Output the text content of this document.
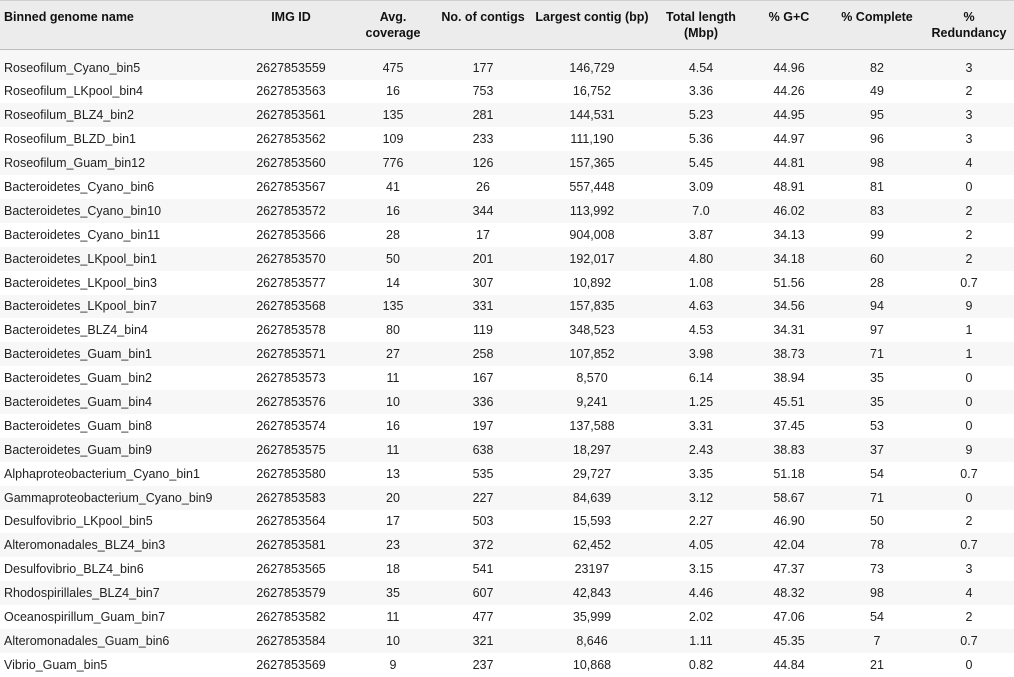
Binned genome name	IMG ID	Avg. coverage	No. of contigs	Largest contig (bp)	Total length (Mbp)	% G+C	% Complete	% Redundancy
Roseofilum_Cyano_bin5	2627853559	475	177	146,729	4.54	44.96	82	3
Roseofilum_LKpool_bin4	2627853563	16	753	16,752	3.36	44.26	49	2
Roseofilum_BLZ4_bin2	2627853561	135	281	144,531	5.23	44.95	95	3
Roseofilum_BLZD_bin1	2627853562	109	233	111,190	5.36	44.97	96	3
Roseofilum_Guam_bin12	2627853560	776	126	157,365	5.45	44.81	98	4
Bacteroidetes_Cyano_bin6	2627853567	41	26	557,448	3.09	48.91	81	0
Bacteroidetes_Cyano_bin10	2627853572	16	344	113,992	7.0	46.02	83	2
Bacteroidetes_Cyano_bin11	2627853566	28	17	904,008	3.87	34.13	99	2
Bacteroidetes_LKpool_bin1	2627853570	50	201	192,017	4.80	34.18	60	2
Bacteroidetes_LKpool_bin3	2627853577	14	307	10,892	1.08	51.56	28	0.7
Bacteroidetes_LKpool_bin7	2627853568	135	331	157,835	4.63	34.56	94	9
Bacteroidetes_BLZ4_bin4	2627853578	80	119	348,523	4.53	34.31	97	1
Bacteroidetes_Guam_bin1	2627853571	27	258	107,852	3.98	38.73	71	1
Bacteroidetes_Guam_bin2	2627853573	11	167	8,570	6.14	38.94	35	0
Bacteroidetes_Guam_bin4	2627853576	10	336	9,241	1.25	45.51	35	0
Bacteroidetes_Guam_bin8	2627853574	16	197	137,588	3.31	37.45	53	0
Bacteroidetes_Guam_bin9	2627853575	11	638	18,297	2.43	38.83	37	9
Alphaproteobacterium_Cyano_bin1	2627853580	13	535	29,727	3.35	51.18	54	0.7
Gammaproteobacterium_Cyano_bin9	2627853583	20	227	84,639	3.12	58.67	71	0
Desulfovibrio_LKpool_bin5	2627853564	17	503	15,593	2.27	46.90	50	2
Alteromonadales_BLZ4_bin3	2627853581	23	372	62,452	4.05	42.04	78	0.7
Desulfovibrio_BLZ4_bin6	2627853565	18	541	23197	3.15	47.37	73	3
Rhodospirillales_BLZ4_bin7	2627853579	35	607	42,843	4.46	48.32	98	4
Oceanospirillum_Guam_bin7	2627853582	11	477	35,999	2.02	47.06	54	2
Alteromonadales_Guam_bin6	2627853584	10	321	8,646	1.11	45.35	7	0.7
Vibrio_Guam_bin5	2627853569	9	237	10,868	0.82	44.84	21	0
